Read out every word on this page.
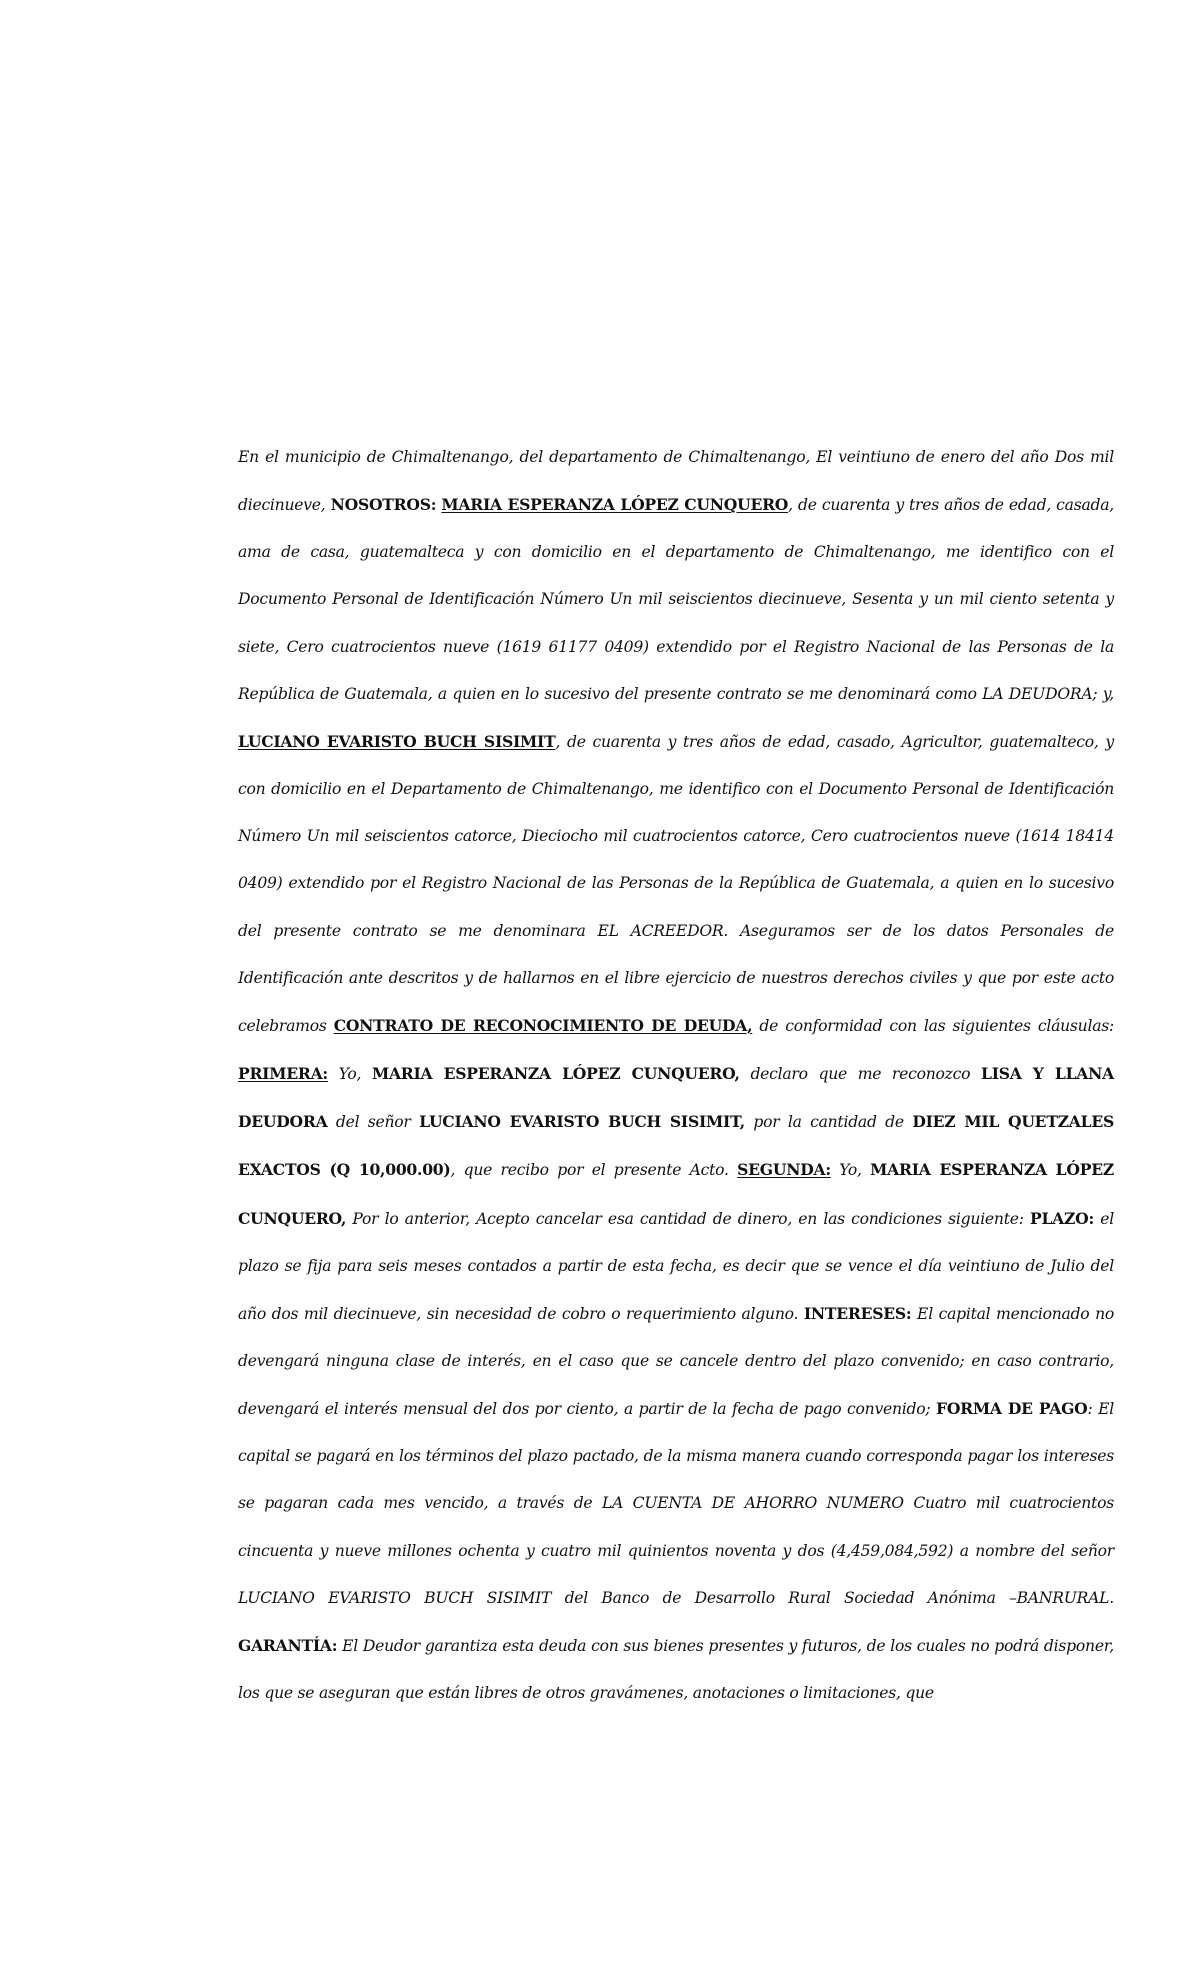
En el municipio de Chimaltenango, del departamento de Chimaltenango, El veintiuno de enero del año Dos mil diecinueve, NOSOTROS: MARIA ESPERANZA LÓPEZ CUNQUERO, de cuarenta y tres años de edad, casada, ama de casa, guatemalteca y con domicilio en el departamento de Chimaltenango, me identifico con el Documento Personal de Identificación Número Un mil seiscientos diecinueve, Sesenta y un mil ciento setenta y siete, Cero cuatrocientos nueve (1619 61177 0409) extendido por el Registro Nacional de las Personas de la República de Guatemala, a quien en lo sucesivo del presente contrato se me denominará como LA DEUDORA; y, LUCIANO EVARISTO BUCH SISIMIT, de cuarenta y tres años de edad, casado, Agricultor, guatemalteco, y con domicilio en el Departamento de Chimaltenango, me identifico con el Documento Personal de Identificación Número Un mil seiscientos catorce, Dieciocho mil cuatrocientos catorce, Cero cuatrocientos nueve (1614 18414 0409) extendido por el Registro Nacional de las Personas de la República de Guatemala, a quien en lo sucesivo del presente contrato se me denominara EL ACREEDOR. Aseguramos ser de los datos Personales de Identificación ante descritos y de hallarnos en el libre ejercicio de nuestros derechos civiles y que por este acto celebramos CONTRATO DE RECONOCIMIENTO DE DEUDA, de conformidad con las siguientes cláusulas: PRIMERA: Yo, MARIA ESPERANZA LÓPEZ CUNQUERO, declaro que me reconozco LISA Y LLANA DEUDORA del señor LUCIANO EVARISTO BUCH SISIMIT, por la cantidad de DIEZ MIL QUETZALES EXACTOS (Q 10,000.00), que recibo por el presente Acto. SEGUNDA: Yo, MARIA ESPERANZA LÓPEZ CUNQUERO, Por lo anterior, Acepto cancelar esa cantidad de dinero, en las condiciones siguiente: PLAZO: el plazo se fija para seis meses contados a partir de esta fecha, es decir que se vence el día veintiuno de Julio del año dos mil diecinueve, sin necesidad de cobro o requerimiento alguno. INTERESES: El capital mencionado no devengará ninguna clase de interés, en el caso que se cancele dentro del plazo convenido; en caso contrario, devengará el interés mensual del dos por ciento, a partir de la fecha de pago convenido; FORMA DE PAGO: El capital se pagará en los términos del plazo pactado, de la misma manera cuando corresponda pagar los intereses se pagaran cada mes vencido, a través de LA CUENTA DE AHORRO NUMERO Cuatro mil cuatrocientos cincuenta y nueve millones ochenta y cuatro mil quinientos noventa y dos (4,459,084,592) a nombre del señor LUCIANO EVARISTO BUCH SISIMIT del Banco de Desarrollo Rural Sociedad Anónima –BANRURAL. GARANTÍA: El Deudor garantiza esta deuda con sus bienes presentes y futuros, de los cuales no podrá disponer, los que se aseguran que están libres de otros gravámenes, anotaciones o limitaciones, que
